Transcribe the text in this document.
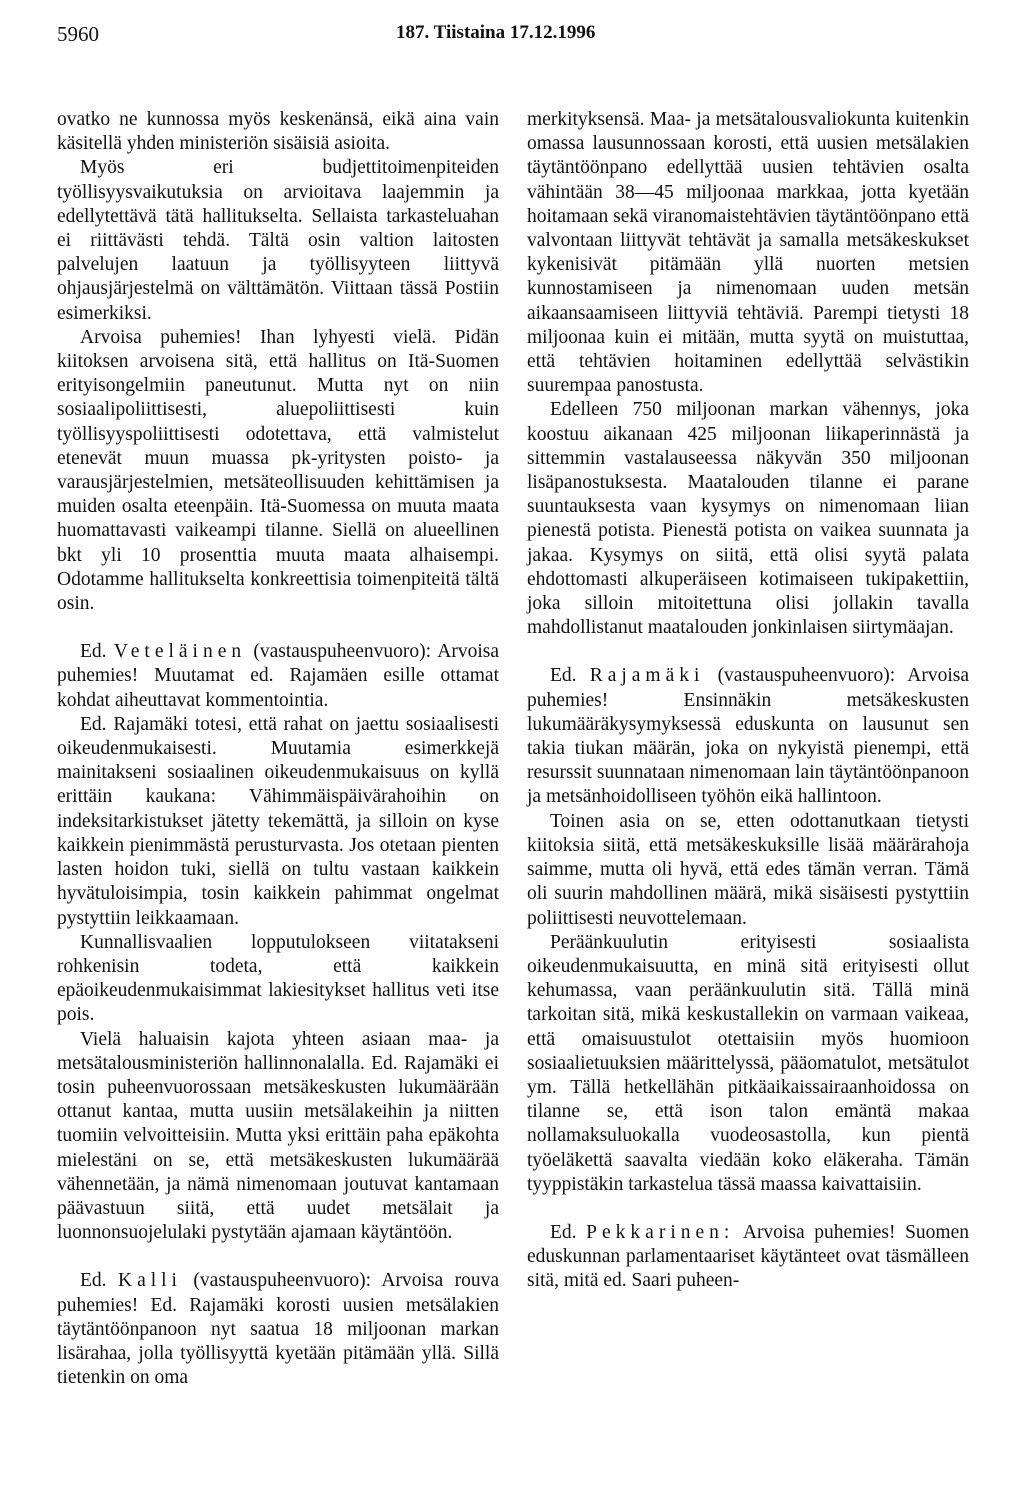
5960	187. Tiistaina 17.12.1996

ovatko ne kunnossa myös keskenänsä, eikä aina vain käsitellä yhden ministeriön sisäisiä asioita.

Myös eri budjettitoimenpiteiden työllisyysvaikutuksia on arvioitava laajemmin ja edellytettävä tätä hallitukselta. Sellaista tarkasteluahan ei riittävästi tehdä. Tältä osin valtion laitosten palvelujen laatuun ja työllisyyteen liittyvä ohjausjärjestelmä on välttämätön. Viittaan tässä Postiin esimerkiksi.

Arvoisa puhemies! Ihan lyhyesti vielä. Pidän kiitoksen arvoisena sitä, että hallitus on Itä-Suomen erityisongelmiin paneutunut. Mutta nyt on niin sosiaalipoliittisesti, aluepoliittisesti kuin työllisyyspoliittisesti odotettava, että valmistelut etenevät muun muassa pk-yritysten poisto- ja varausjärjestelmien, metsäteollisuuden kehittämisen ja muiden osalta eteenpäin. Itä-Suomessa on muuta maata huomattavasti vaikeampi tilanne. Siellä on alueellinen bkt yli 10 prosenttia muuta maata alhaisempi. Odotamme hallitukselta konkreettisia toimenpiteitä tältä osin.

Ed. Veteläinen (vastauspuheenvuoro): Arvoisa puhemies! Muutamat ed. Rajamäen esille ottamat kohdat aiheuttavat kommentointia.

Ed. Rajamäki totesi, että rahat on jaettu sosiaalisesti oikeudenmukaisesti. Muutamia esimerkkejä mainitakseni sosiaalinen oikeudenmukaisuus on kyllä erittäin kaukana: Vähimmäispäivärahoihin on indeksitarkistukset jätetty tekemättä, ja silloin on kyse kaikkein pienimmästä perusturvasta. Jos otetaan pienten lasten hoidon tuki, siellä on tultu vastaan kaikkein hyvätuloisimpia, tosin kaikkein pahimmat ongelmat pystyttiin leikkaamaan.

Kunnallisvaalien lopputulokseen viitatakseni rohkenisin todeta, että kaikkein epäoikeudenmukaisimmat lakiesitykset hallitus veti itse pois.

Vielä haluaisin kajota yhteen asiaan maa- ja metsätalousministeriön hallinnonalalla. Ed. Rajamäki ei tosin puheenvuorossaan metsäkeskusten lukumäärään ottanut kantaa, mutta uusiin metsälakeihin ja niitten tuomiin velvoitteisiin. Mutta yksi erittäin paha epäkohta mielestäni on se, että metsäkeskusten lukumäärää vähennetään, ja nämä nimenomaan joutuvat kantamaan päävastuun siitä, että uudet metsälait ja luonnonsuojelulaki pystytään ajamaan käytäntöön.

Ed. Kalli (vastauspuheenvuoro): Arvoisa rouva puhemies! Ed. Rajamäki korosti uusien metsälakien täytäntöönpanoon nyt saatua 18 miljoonan markan lisärahaa, jolla työllisyyttä kyetään pitämään yllä. Sillä tietenkin on oma

merkityksensä. Maa- ja metsätalousvaliokunta kuitenkin omassa lausunnossaan korosti, että uusien metsälakien täytäntöönpano edellyttää uusien tehtävien osalta vähintään 38—45 miljoonaa markkaa, jotta kyetään hoitamaan sekä viranomaistehtävien täytäntöönpano että valvontaan liittyvät tehtävät ja samalla metsäkeskukset kykenisivät pitämään yllä nuorten metsien kunnostamiseen ja nimenomaan uuden metsän aikaansaamiseen liittyviä tehtäviä. Parempi tietysti 18 miljoonaa kuin ei mitään, mutta syytä on muistuttaa, että tehtävien hoitaminen edellyttää selvästikin suurempaa panostusta.

Edelleen 750 miljoonan markan vähennys, joka koostuu aikanaan 425 miljoonan liikaperinnästä ja sittemmin vastalauseessa näkyvän 350 miljoonan lisäpanostuksesta. Maatalouden tilanne ei parane suuntauksesta vaan kysymys on nimenomaan liian pienestä potista. Pienestä potista on vaikea suunnata ja jakaa. Kysymys on siitä, että olisi syytä palata ehdottomasti alkuperäiseen kotimaiseen tukipakettiin, joka silloin mitoitettuna olisi jollakin tavalla mahdollistanut maatalouden jonkinlaisen siirtymäajan.

Ed. Rajamäki (vastauspuheenvuoro): Arvoisa puhemies! Ensinnäkin metsäkeskusten lukumääräkysymyksessä eduskunta on lausunut sen takia tiukan määrän, joka on nykyistä pienempi, että resurssit suunnataan nimenomaan lain täytäntöönpanoon ja metsänhoidolliseen työhön eikä hallintoon.

Toinen asia on se, etten odottanutkaan tietysti kiitoksia siitä, että metsäkeskuksille lisää määrärahoja saimme, mutta oli hyvä, että edes tämän verran. Tämä oli suurin mahdollinen määrä, mikä sisäisesti pystyttiin poliittisesti neuvottelemaan.

Peräänkuulutin erityisesti sosiaalista oikeudenmukaisuutta, en minä sitä erityisesti ollut kehumassa, vaan peräänkuulutin sitä. Tällä minä tarkoitan sitä, mikä keskustallekin on varmaan vaikeaa, että omaisuustulot otettaisiin myös huomioon sosiaalietuuksien määrittelyssä, pääomatulot, metsätulot ym. Tällä hetkellähän pitkäaikaissairaanhoidossa on tilanne se, että ison talon emäntä makaa nollamaksuluokalla vuodeosastolla, kun pientä työeläkettä saavalta viedään koko eläkeraha. Tämän tyyppistäkin tarkastelua tässä maassa kaivattaisiin.

Ed. Pekkarinen: Arvoisa puhemies! Suomen eduskunnan parlamentaariset käytänteet ovat täsmälleen sitä, mitä ed. Saari puheen-
